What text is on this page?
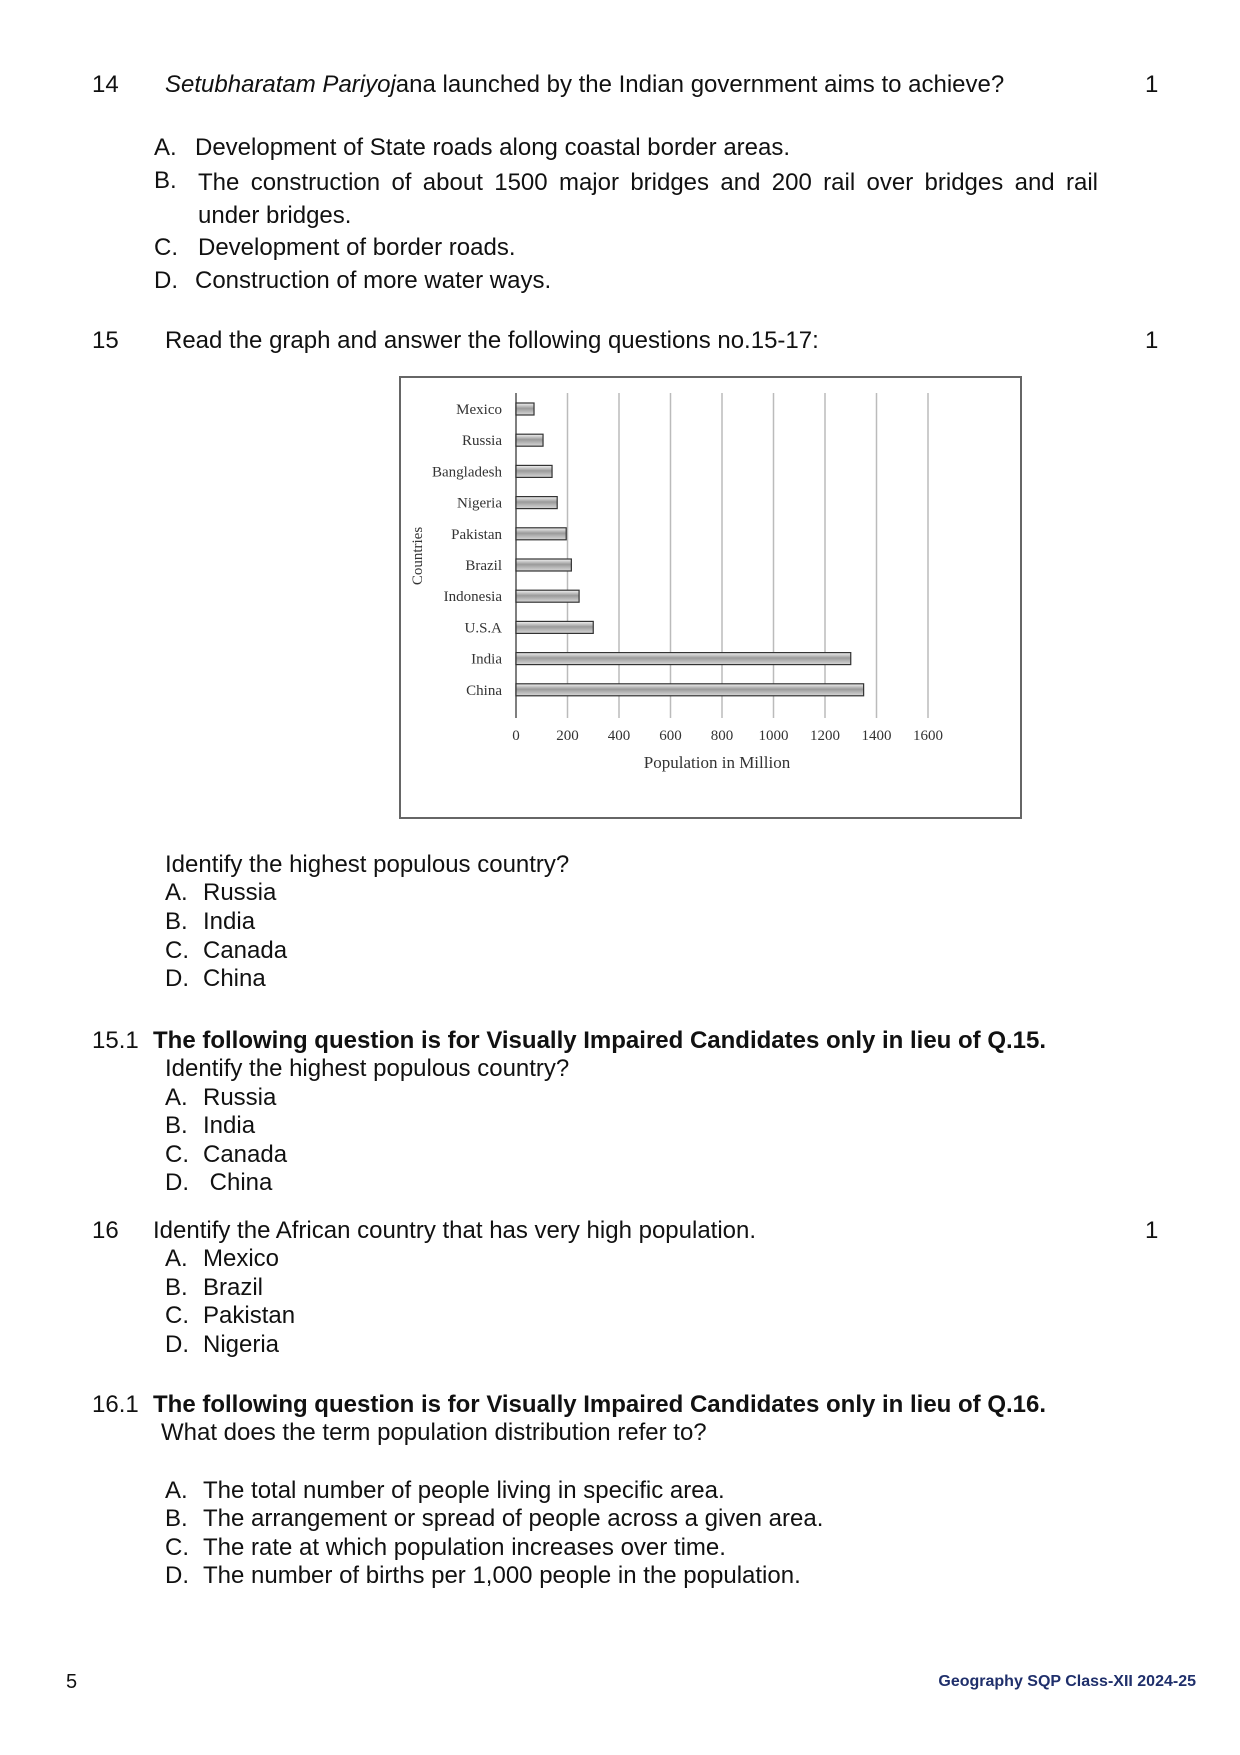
14 Setubharatam Pariyojana launched by the Indian government aims to achieve?	1
A. Development of State roads along coastal border areas.
B. The construction of about 1500 major bridges and 200 rail over bridges and rail under bridges.
C. Development of border roads.
D. Construction of more water ways.
15 Read the graph and answer the following questions no.15-17:	1
0 200 400 600 800 1000 1200 1400 1600
Mexico
Russia
Bangladesh
Nigeria
Pakistan
Brazil
Indonesia
U.S.A
India
China
Population in Million
Countries
Identify the highest populous country?
A. Russia
B. India
C. Canada
D. China
15.1 The following question is for Visually Impaired Candidates only in lieu of Q.15.
Identify the highest populous country?
A. Russia
B. India
C. Canada
D. China
16 Identify the African country that has very high population.	1
A. Mexico
B. Brazil
C. Pakistan
D. Nigeria
16.1 The following question is for Visually Impaired Candidates only in lieu of Q.16.
What does the term population distribution refer to?
A. The total number of people living in specific area.
B. The arrangement or spread of people across a given area.
C. The rate at which population increases over time.
D. The number of births per 1,000 people in the population.
5	Geography SQP Class-XII 2024-25
